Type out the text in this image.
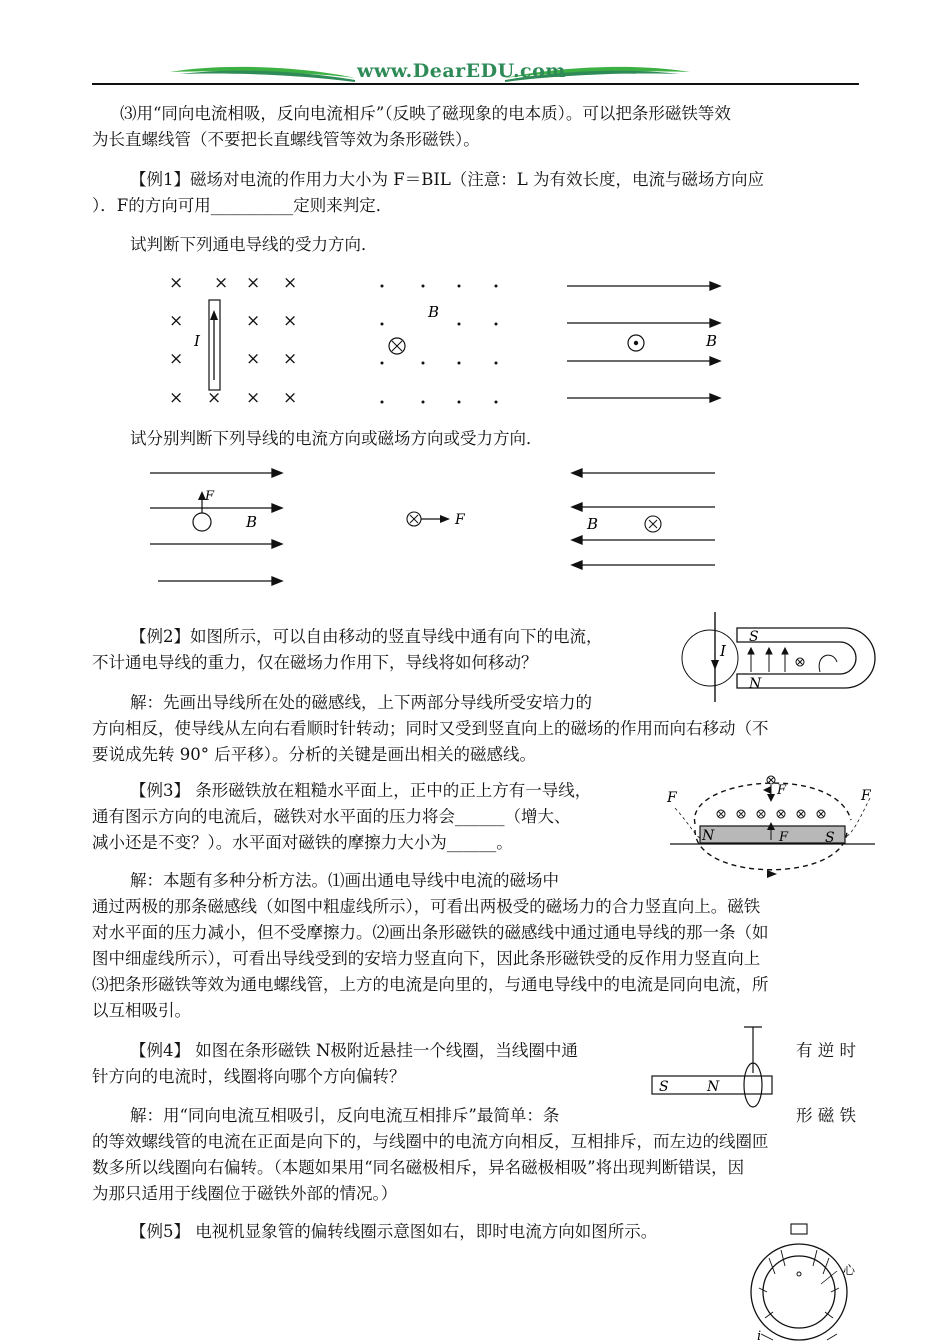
www.DearEDU.com
⑶用“同向电流相吸，反向电流相斥”（反映了磁现象的电本质）。可以把条形磁铁等效
为长直螺线管（不要把长直螺线管等效为条形磁铁）。
【例1】磁场对电流的作用力大小为 F＝BIL（注意：L 为有效长度，电流与磁场方向应
）．F的方向可用__________定则来判定．
试判断下列通电导线的受力方向．
× × × ×
×	× ×
×	× ×
× × × ×
I
B
B
试分别判断下列导线的电流方向或磁场方向或受力方向．
F
B	F	B
【例2】如图所示，可以自由移动的竖直导线中通有向下的电流，
不计通电导线的重力，仅在磁场力作用下，导线将如何移动？
解：先画出导线所在处的磁感线，上下两部分导线所受安培力的
方向相反，使导线从左向右看顺时针转动；同时又受到竖直向上的磁场的作用而向右移动（不
要说成先转 90° 后平移）。分析的关键是画出相关的磁感线。
S
N
I
【例3】 条形磁铁放在粗糙水平面上，正中的正上方有一导线，
通有图示方向的电流后，磁铁对水平面的压力将会______（增大、
减小还是不变？）。水平面对磁铁的摩擦力大小为______。
解：本题有多种分析方法。⑴画出通电导线中电流的磁场中
通过两极的那条磁感线（如图中粗虚线所示），可看出两极受的磁场力的合力竖直向上。磁铁
对水平面的压力减小，但不受摩擦力。⑵画出条形磁铁的磁感线中通过通电导线的那一条（如
图中细虚线所示），可看出导线受到的安培力竖直向下，因此条形磁铁受的反作用力竖直向上
⑶把条形磁铁等效为通电螺线管，上方的电流是向里的，与通电导线中的电流是同向电流，所
以互相吸引。
N	S
F
F
F	F
【例4】 如图在条形磁铁 N极附近悬挂一个线圈，当线圈中通	有 逆 时
针方向的电流时，线圈将向哪个方向偏转？
解：用“同向电流互相吸引，反向电流互相排斥”最简单：条	形 磁 铁
的等效螺线管的电流在正面是向下的，与线圈中的电流方向相反，互相排斥，而左边的线圈匝
数多所以线圈向右偏转。（本题如果用“同名磁极相斥，异名磁极相吸”将出现判断错误，因
为那只适用于线圈位于磁铁外部的情况。）
S	N
【例5】 电视机显象管的偏转线圈示意图如右，即时电流方向如图所示。
心
i
